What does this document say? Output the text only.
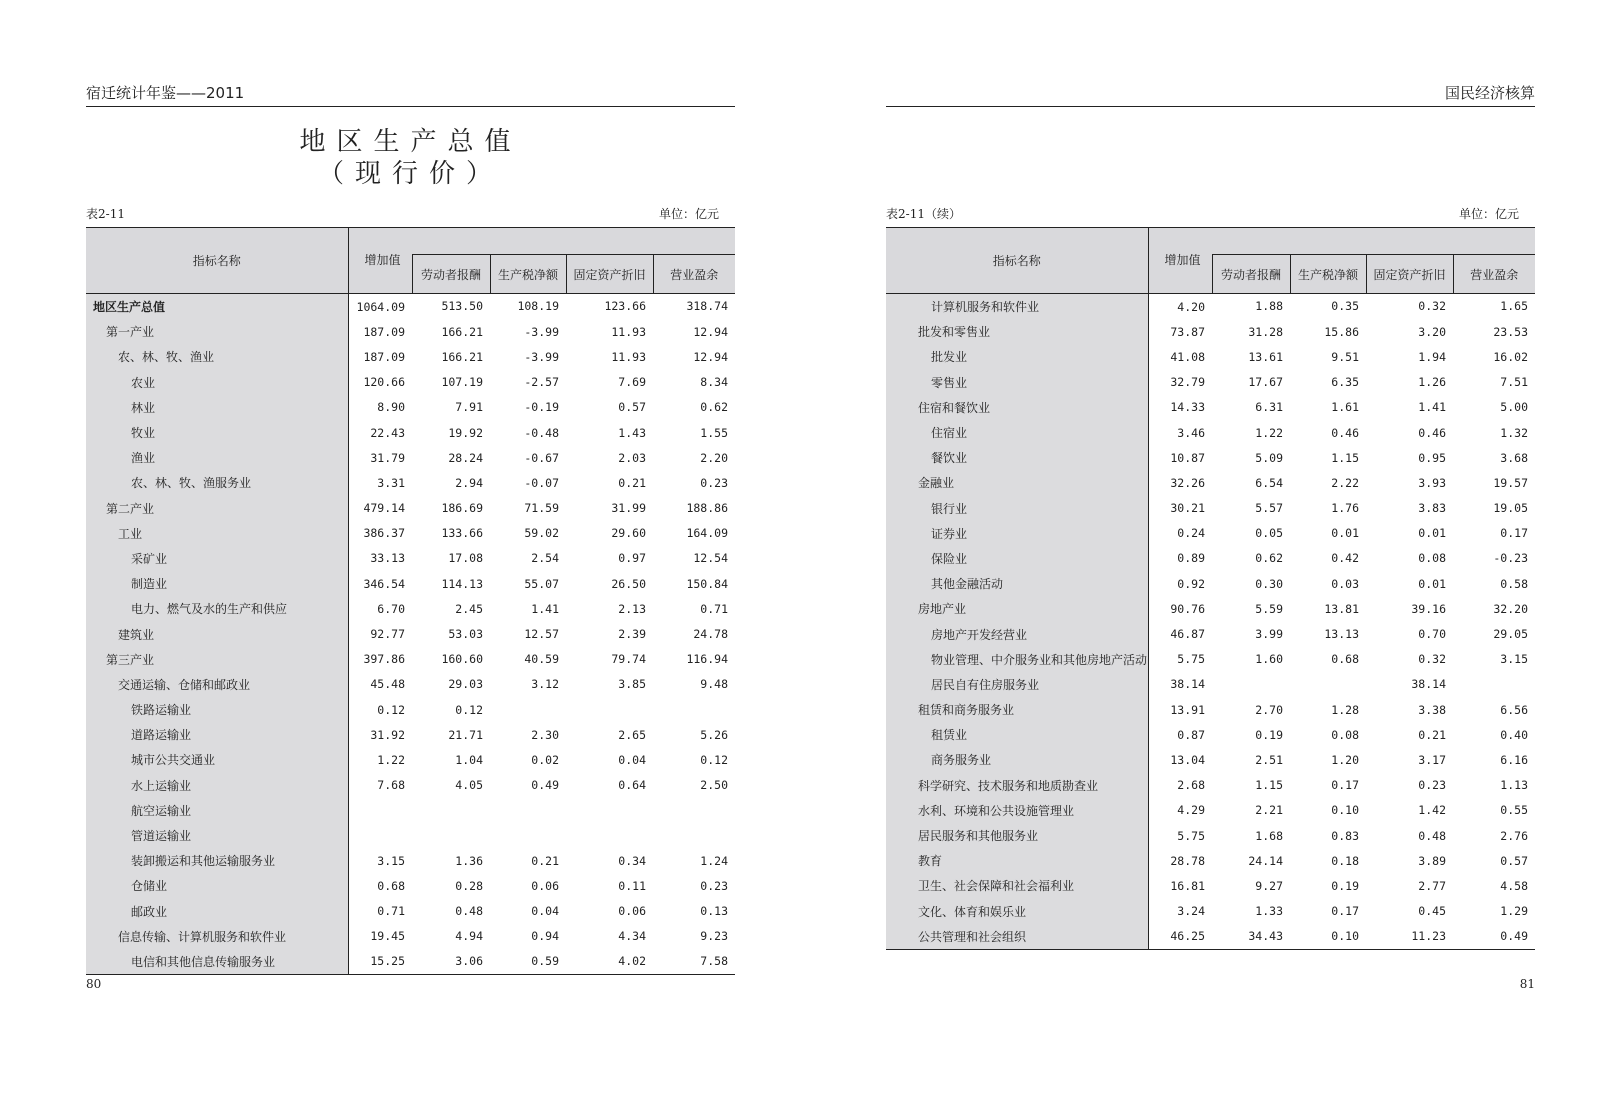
宿迁统计年鉴——2011
地区生产总值
（现行价）
表2-11	单位：亿元
指标名称	增加值				
		劳动者报酬	生产税净额	固定资产折旧	营业盈余

地区生产总值	1064.09	513.50	108.19	123.66	318.74
第一产业	187.09	166.21	-3.99	11.93	12.94
农、林、牧、渔业	187.09	166.21	-3.99	11.93	12.94
农业	120.66	107.19	-2.57	7.69	8.34
林业	8.90	7.91	-0.19	0.57	0.62
牧业	22.43	19.92	-0.48	1.43	1.55
渔业	31.79	28.24	-0.67	2.03	2.20
农、林、牧、渔服务业	3.31	2.94	-0.07	0.21	0.23
第二产业	479.14	186.69	71.59	31.99	188.86
工业	386.37	133.66	59.02	29.60	164.09
采矿业	33.13	17.08	2.54	0.97	12.54
制造业	346.54	114.13	55.07	26.50	150.84
电力、燃气及水的生产和供应	6.70	2.45	1.41	2.13	0.71
建筑业	92.77	53.03	12.57	2.39	24.78
第三产业	397.86	160.60	40.59	79.74	116.94
交通运输、仓储和邮政业	45.48	29.03	3.12	3.85	9.48
铁路运输业	0.12	0.12			
道路运输业	31.92	21.71	2.30	2.65	5.26
城市公共交通业	1.22	1.04	0.02	0.04	0.12
水上运输业	7.68	4.05	0.49	0.64	2.50
航空运输业					
管道运输业					
装卸搬运和其他运输服务业	3.15	1.36	0.21	0.34	1.24
仓储业	0.68	0.28	0.06	0.11	0.23
邮政业	0.71	0.48	0.04	0.06	0.13
信息传输、计算机服务和软件业	19.45	4.94	0.94	4.34	9.23
电信和其他信息传输服务业	15.25	3.06	0.59	4.02	7.58
80
国民经济核算
表2-11（续）	单位：亿元
指标名称	增加值				
		劳动者报酬	生产税净额	固定资产折旧	营业盈余

计算机服务和软件业	4.20	1.88	0.35	0.32	1.65
批发和零售业	73.87	31.28	15.86	3.20	23.53
批发业	41.08	13.61	9.51	1.94	16.02
零售业	32.79	17.67	6.35	1.26	7.51
住宿和餐饮业	14.33	6.31	1.61	1.41	5.00
住宿业	3.46	1.22	0.46	0.46	1.32
餐饮业	10.87	5.09	1.15	0.95	3.68
金融业	32.26	6.54	2.22	3.93	19.57
银行业	30.21	5.57	1.76	3.83	19.05
证券业	0.24	0.05	0.01	0.01	0.17
保险业	0.89	0.62	0.42	0.08	-0.23
其他金融活动	0.92	0.30	0.03	0.01	0.58
房地产业	90.76	5.59	13.81	39.16	32.20
房地产开发经营业	46.87	3.99	13.13	0.70	29.05
物业管理、中介服务业和其他房地产活动	5.75	1.60	0.68	0.32	3.15
居民自有住房服务业	38.14			38.14	
租赁和商务服务业	13.91	2.70	1.28	3.38	6.56
租赁业	0.87	0.19	0.08	0.21	0.40
商务服务业	13.04	2.51	1.20	3.17	6.16
科学研究、技术服务和地质勘查业	2.68	1.15	0.17	0.23	1.13
水利、环境和公共设施管理业	4.29	2.21	0.10	1.42	0.55
居民服务和其他服务业	5.75	1.68	0.83	0.48	2.76
教育	28.78	24.14	0.18	3.89	0.57
卫生、社会保障和社会福利业	16.81	9.27	0.19	2.77	4.58
文化、体育和娱乐业	3.24	1.33	0.17	0.45	1.29
公共管理和社会组织	46.25	34.43	0.10	11.23	0.49
81
